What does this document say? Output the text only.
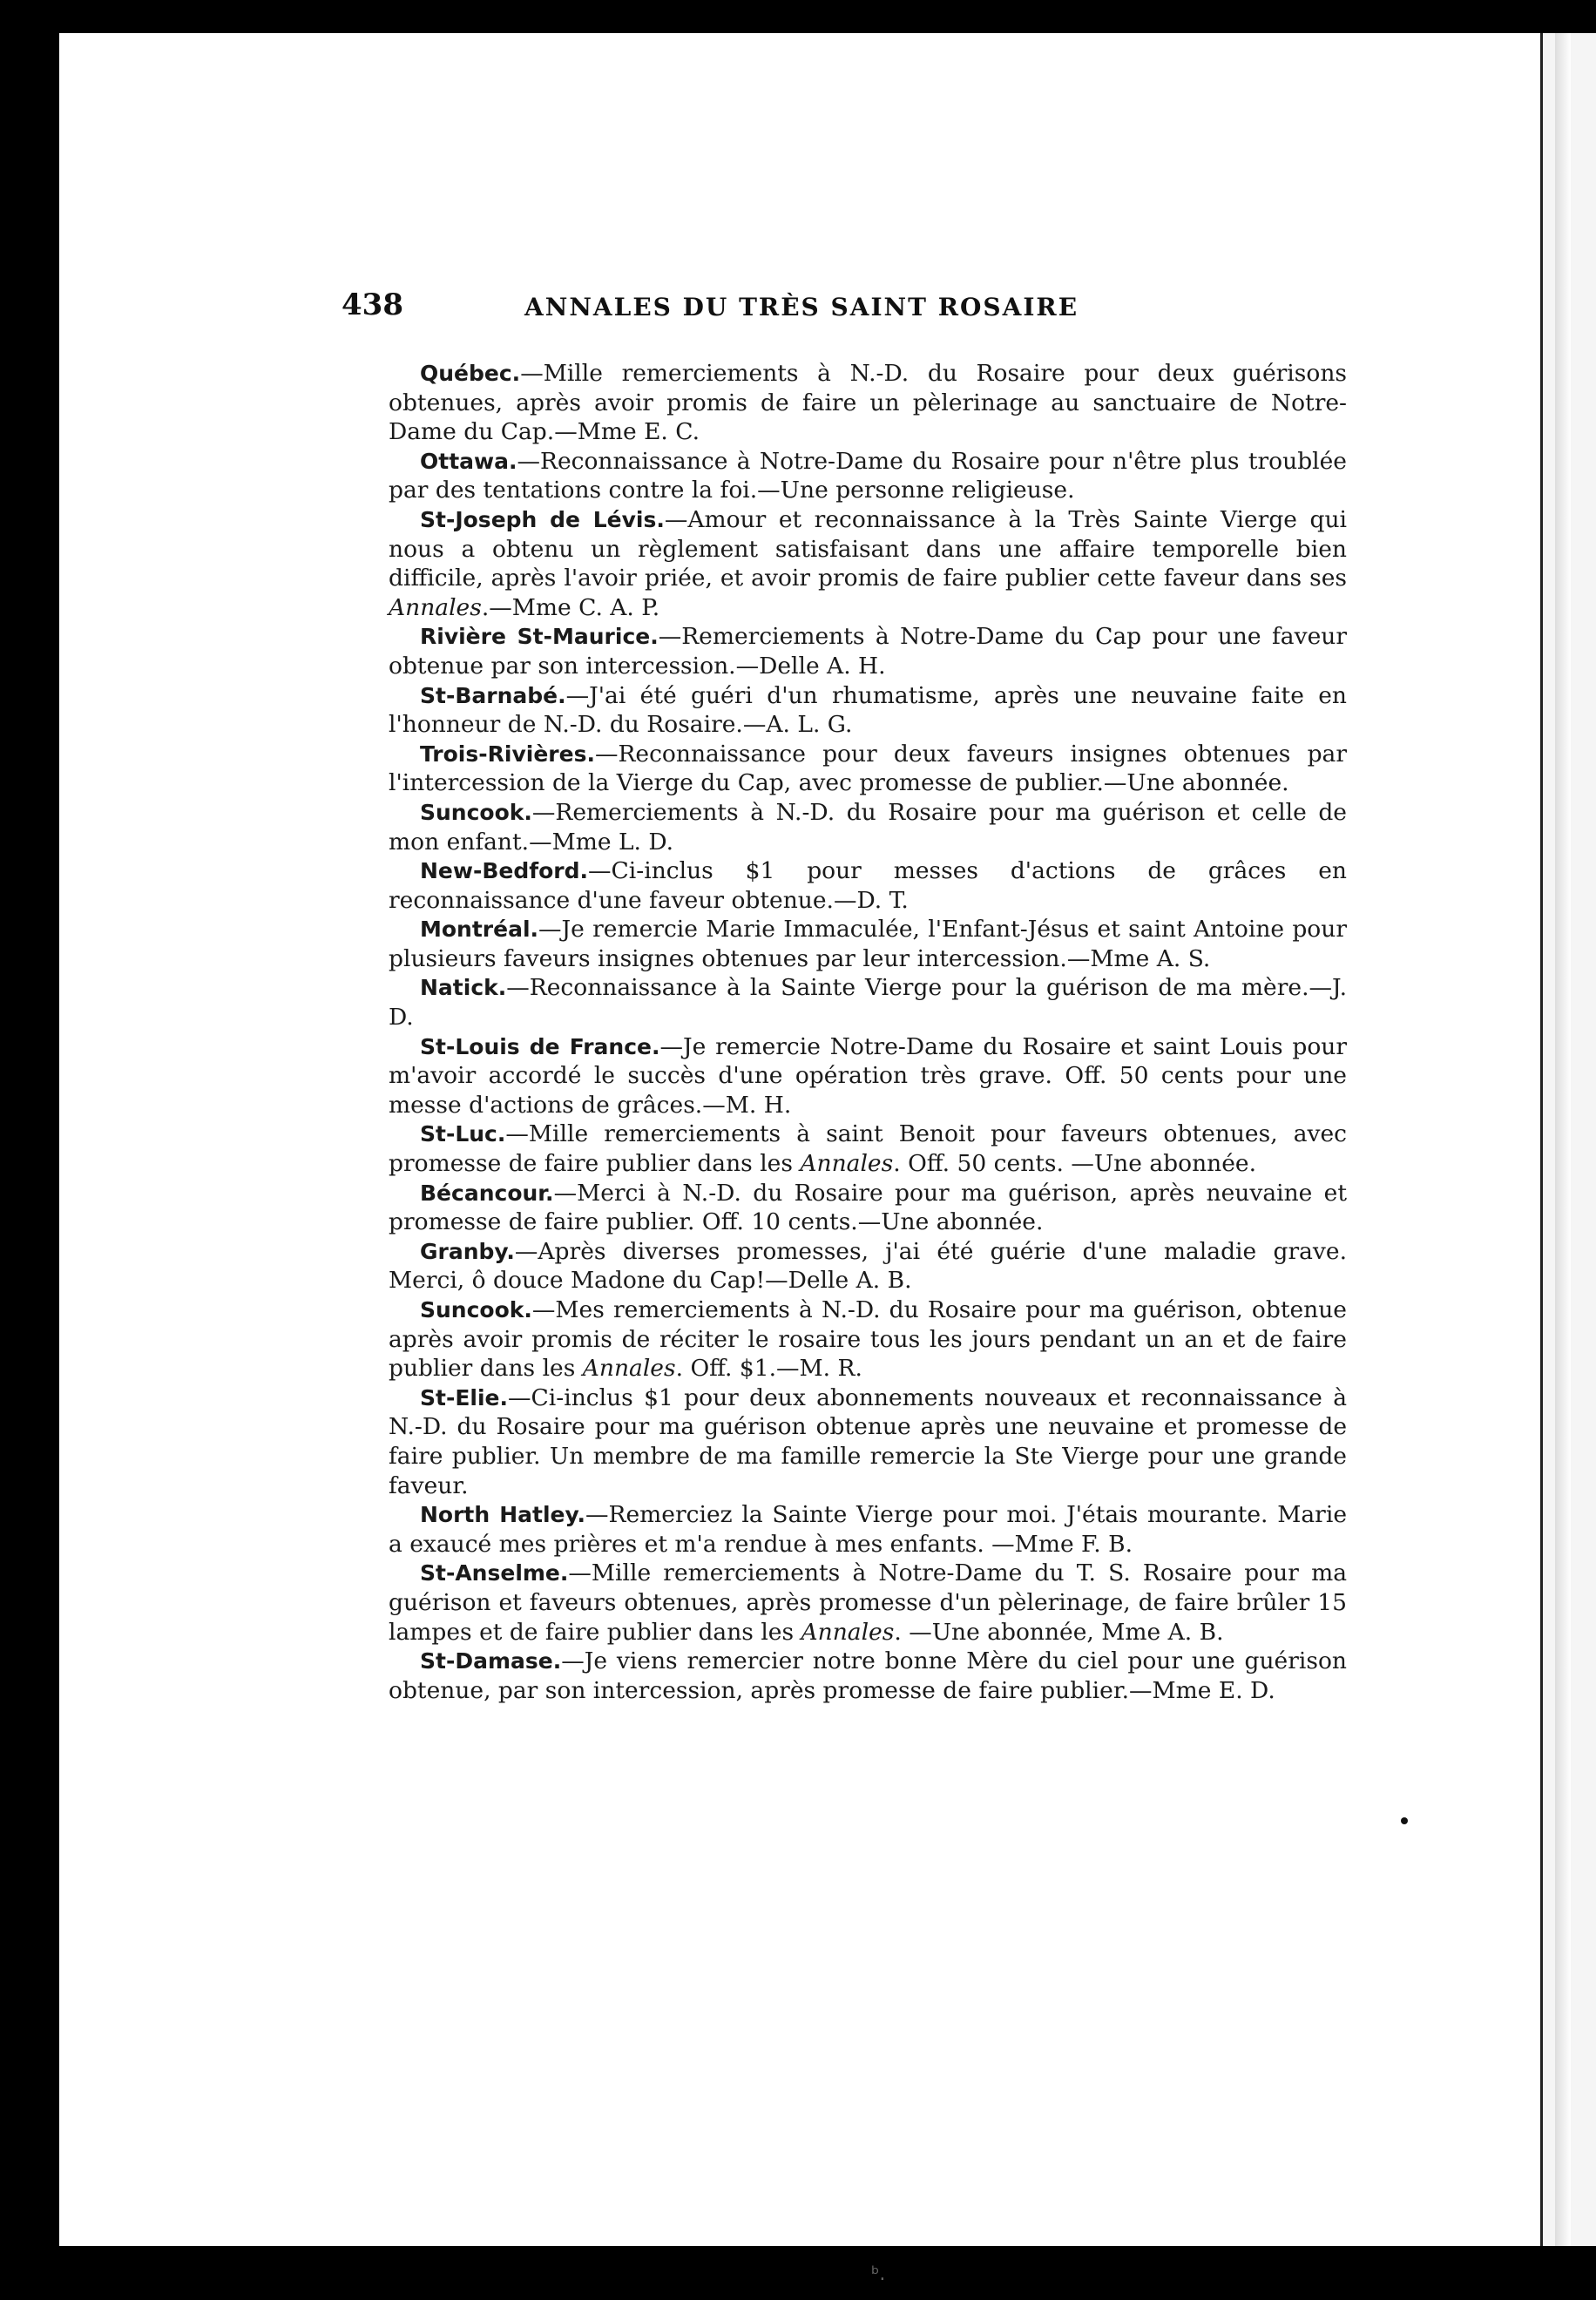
438	ANNALES DU TRÈS SAINT ROSAIRE

Québec.—Mille remerciements à N.-D. du Rosaire pour deux guérisons obtenues, après avoir promis de faire un pèlerinage au sanctuaire de Notre-Dame du Cap.—Mme E. C.

Ottawa.—Reconnaissance à Notre-Dame du Rosaire pour n'être plus troublée par des tentations contre la foi.—Une personne religieuse.

St-Joseph de Lévis.—Amour et reconnaissance à la Très Sainte Vierge qui nous a obtenu un règlement satisfaisant dans une affaire temporelle bien difficile, après l'avoir priée, et avoir promis de faire publier cette faveur dans ses Annales.—Mme C. A. P.

Rivière St-Maurice.—Remerciements à Notre-Dame du Cap pour une faveur obtenue par son intercession.—Delle A. H.

St-Barnabé.—J'ai été guéri d'un rhumatisme, après une neuvaine faite en l'honneur de N.-D. du Rosaire.—A. L. G.

Trois-Rivières.—Reconnaissance pour deux faveurs insignes obtenues par l'intercession de la Vierge du Cap, avec promesse de publier.—Une abonnée.

Suncook.—Remerciements à N.-D. du Rosaire pour ma guérison et celle de mon enfant.—Mme L. D.

New-Bedford.—Ci-inclus $1 pour messes d'actions de grâces en reconnaissance d'une faveur obtenue.—D. T.

Montréal.—Je remercie Marie Immaculée, l'Enfant-Jésus et saint Antoine pour plusieurs faveurs insignes obtenues par leur intercession.—Mme A. S.

Natick.—Reconnaissance à la Sainte Vierge pour la guérison de ma mère.—J. D.

St-Louis de France.—Je remercie Notre-Dame du Rosaire et saint Louis pour m'avoir accordé le succès d'une opération très grave. Off. 50 cents pour une messe d'actions de grâces.—M. H.

St-Luc.—Mille remerciements à saint Benoit pour faveurs obtenues, avec promesse de faire publier dans les Annales. Off. 50 cents. —Une abonnée.

Bécancour.—Merci à N.-D. du Rosaire pour ma guérison, après neuvaine et promesse de faire publier. Off. 10 cents.—Une abonnée.

Granby.—Après diverses promesses, j'ai été guérie d'une maladie grave. Merci, ô douce Madone du Cap!—Delle A. B.

Suncook.—Mes remerciements à N.-D. du Rosaire pour ma guérison, obtenue après avoir promis de réciter le rosaire tous les jours pendant un an et de faire publier dans les Annales. Off. $1.—M. R.

St-Elie.—Ci-inclus $1 pour deux abonnements nouveaux et reconnaissance à N.-D. du Rosaire pour ma guérison obtenue après une neuvaine et promesse de faire publier. Un membre de ma famille remercie la Ste Vierge pour une grande faveur.

North Hatley.—Remerciez la Sainte Vierge pour moi. J'étais mourante. Marie a exaucé mes prières et m'a rendue à mes enfants. —Mme F. B.

St-Anselme.—Mille remerciements à Notre-Dame du T. S. Rosaire pour ma guérison et faveurs obtenues, après promesse d'un pèlerinage, de faire brûler 15 lampes et de faire publier dans les Annales. —Une abonnée, Mme A. B.

St-Damase.—Je viens remercier notre bonne Mère du ciel pour une guérison obtenue, par son intercession, après promesse de faire publier.—Mme E. D.

ᵇ.
